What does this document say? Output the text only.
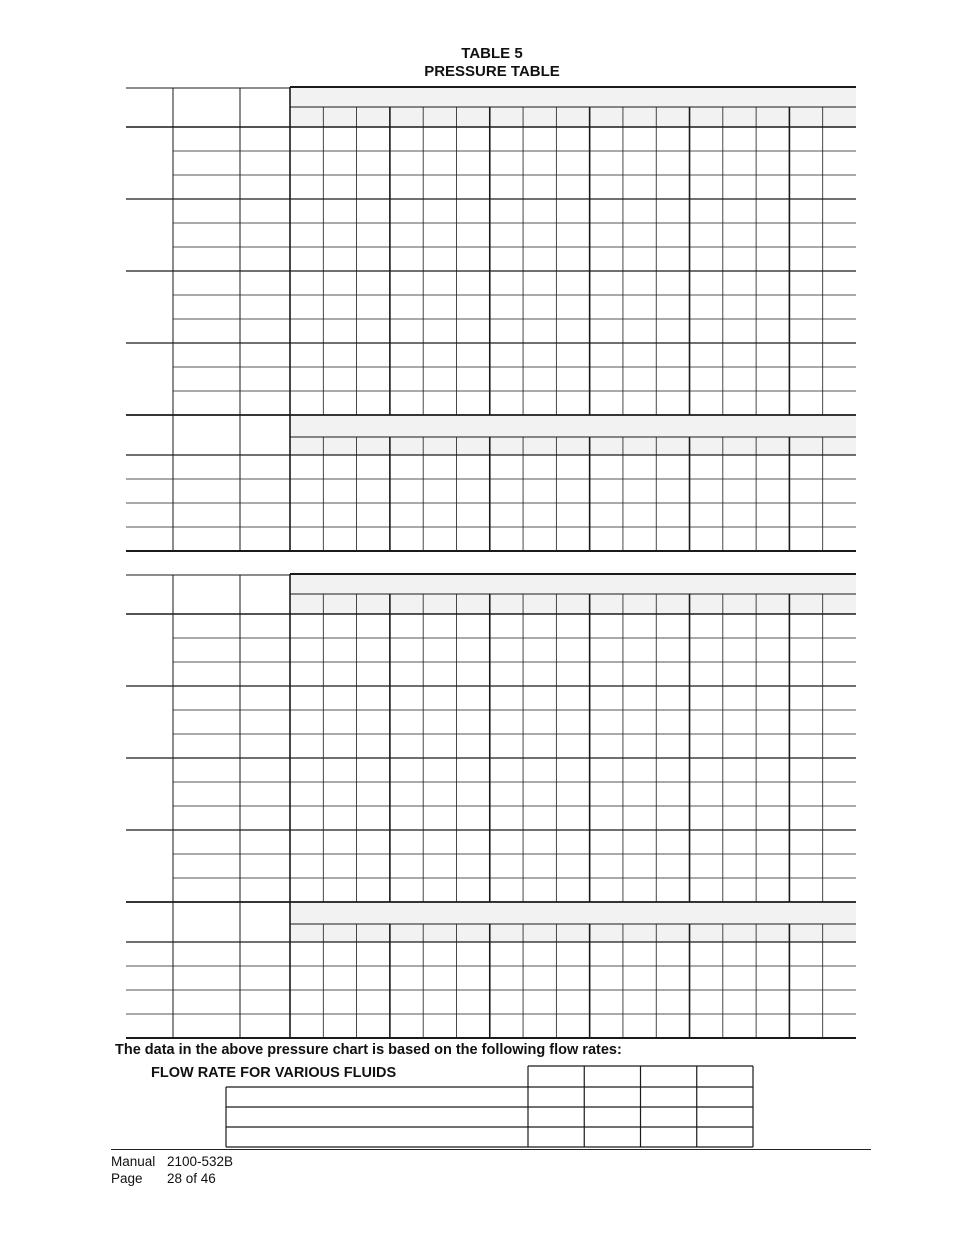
TABLE 5
PRESSURE TABLE
The data in the above pressure chart is based on the following flow rates:
FLOW RATE FOR VARIOUS FLUIDS
Manual 2100-532B
Page 28 of 46
